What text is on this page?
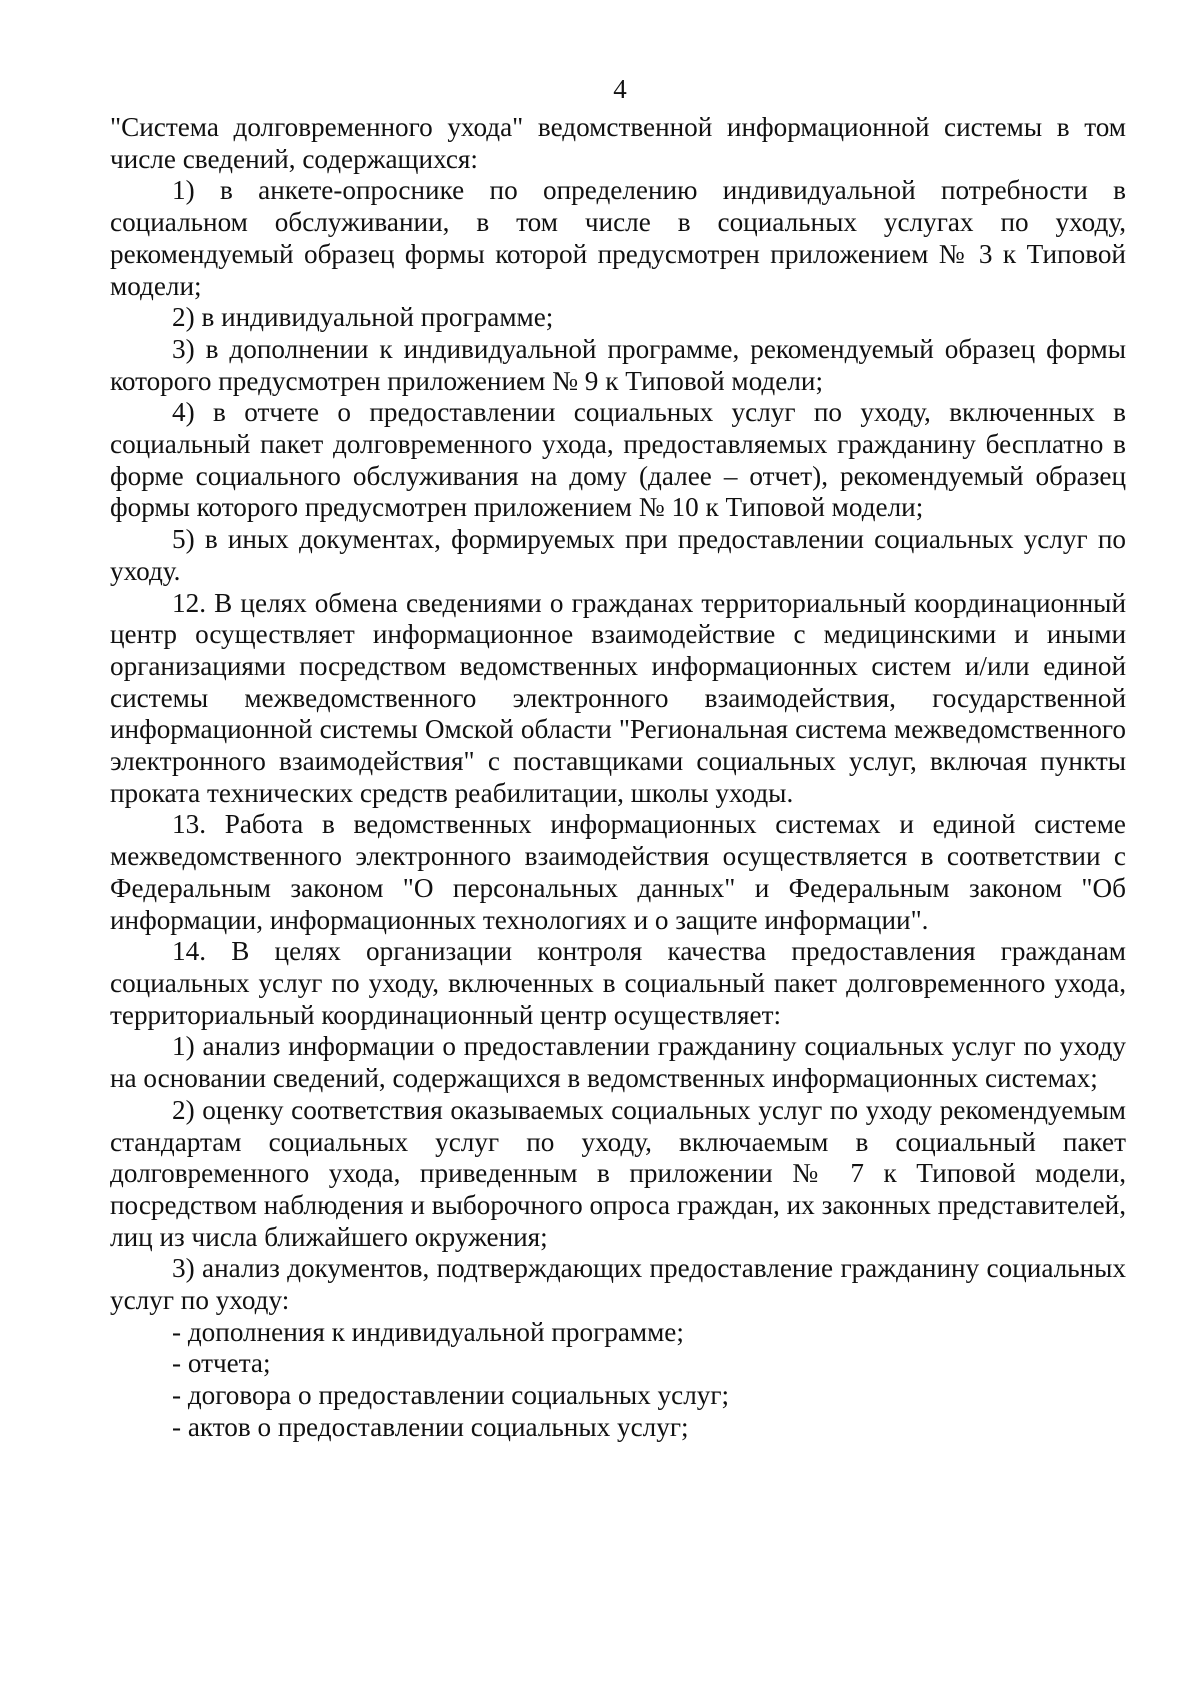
4

"Система долговременного ухода" ведомственной информационной системы в том числе сведений, содержащихся:

1) в анкете-опроснике по определению индивидуальной потребности в социальном обслуживании, в том числе в социальных услугах по уходу, рекомендуемый образец формы которой предусмотрен приложением № 3 к Типовой модели;

2) в индивидуальной программе;

3) в дополнении к индивидуальной программе, рекомендуемый образец формы которого предусмотрен приложением № 9 к Типовой модели;

4) в отчете о предоставлении социальных услуг по уходу, включенных в социальный пакет долговременного ухода, предоставляемых гражданину бесплатно в форме социального обслуживания на дому (далее – отчет), рекомендуемый образец формы которого предусмотрен приложением № 10 к Типовой модели;

5) в иных документах, формируемых при предоставлении социальных услуг по уходу.

12. В целях обмена сведениями о гражданах территориальный координационный центр осуществляет информационное взаимодействие с медицинскими и иными организациями посредством ведомственных информационных систем и/или единой системы межведомственного электронного взаимодействия, государственной информационной системы Омской области "Региональная система межведомственного электронного взаимодействия" с поставщиками социальных услуг, включая пункты проката технических средств реабилитации, школы уходы.

13. Работа в ведомственных информационных системах и единой системе межведомственного электронного взаимодействия осуществляется в соответствии с Федеральным законом "О персональных данных" и Федеральным законом "Об информации, информационных технологиях и о защите информации".

14. В целях организации контроля качества предоставления гражданам социальных услуг по уходу, включенных в социальный пакет долговременного ухода, территориальный координационный центр осуществляет:

1) анализ информации о предоставлении гражданину социальных услуг по уходу на основании сведений, содержащихся в ведомственных информационных системах;

2) оценку соответствия оказываемых социальных услуг по уходу рекомендуемым стандартам социальных услуг по уходу, включаемым в социальный пакет долговременного ухода, приведенным в приложении № 7 к Типовой модели, посредством наблюдения и выборочного опроса граждан, их законных представителей, лиц из числа ближайшего окружения;

3) анализ документов, подтверждающих предоставление гражданину социальных услуг по уходу:

- дополнения к индивидуальной программе;

- отчета;

- договора о предоставлении социальных услуг;

- актов о предоставлении социальных услуг;
